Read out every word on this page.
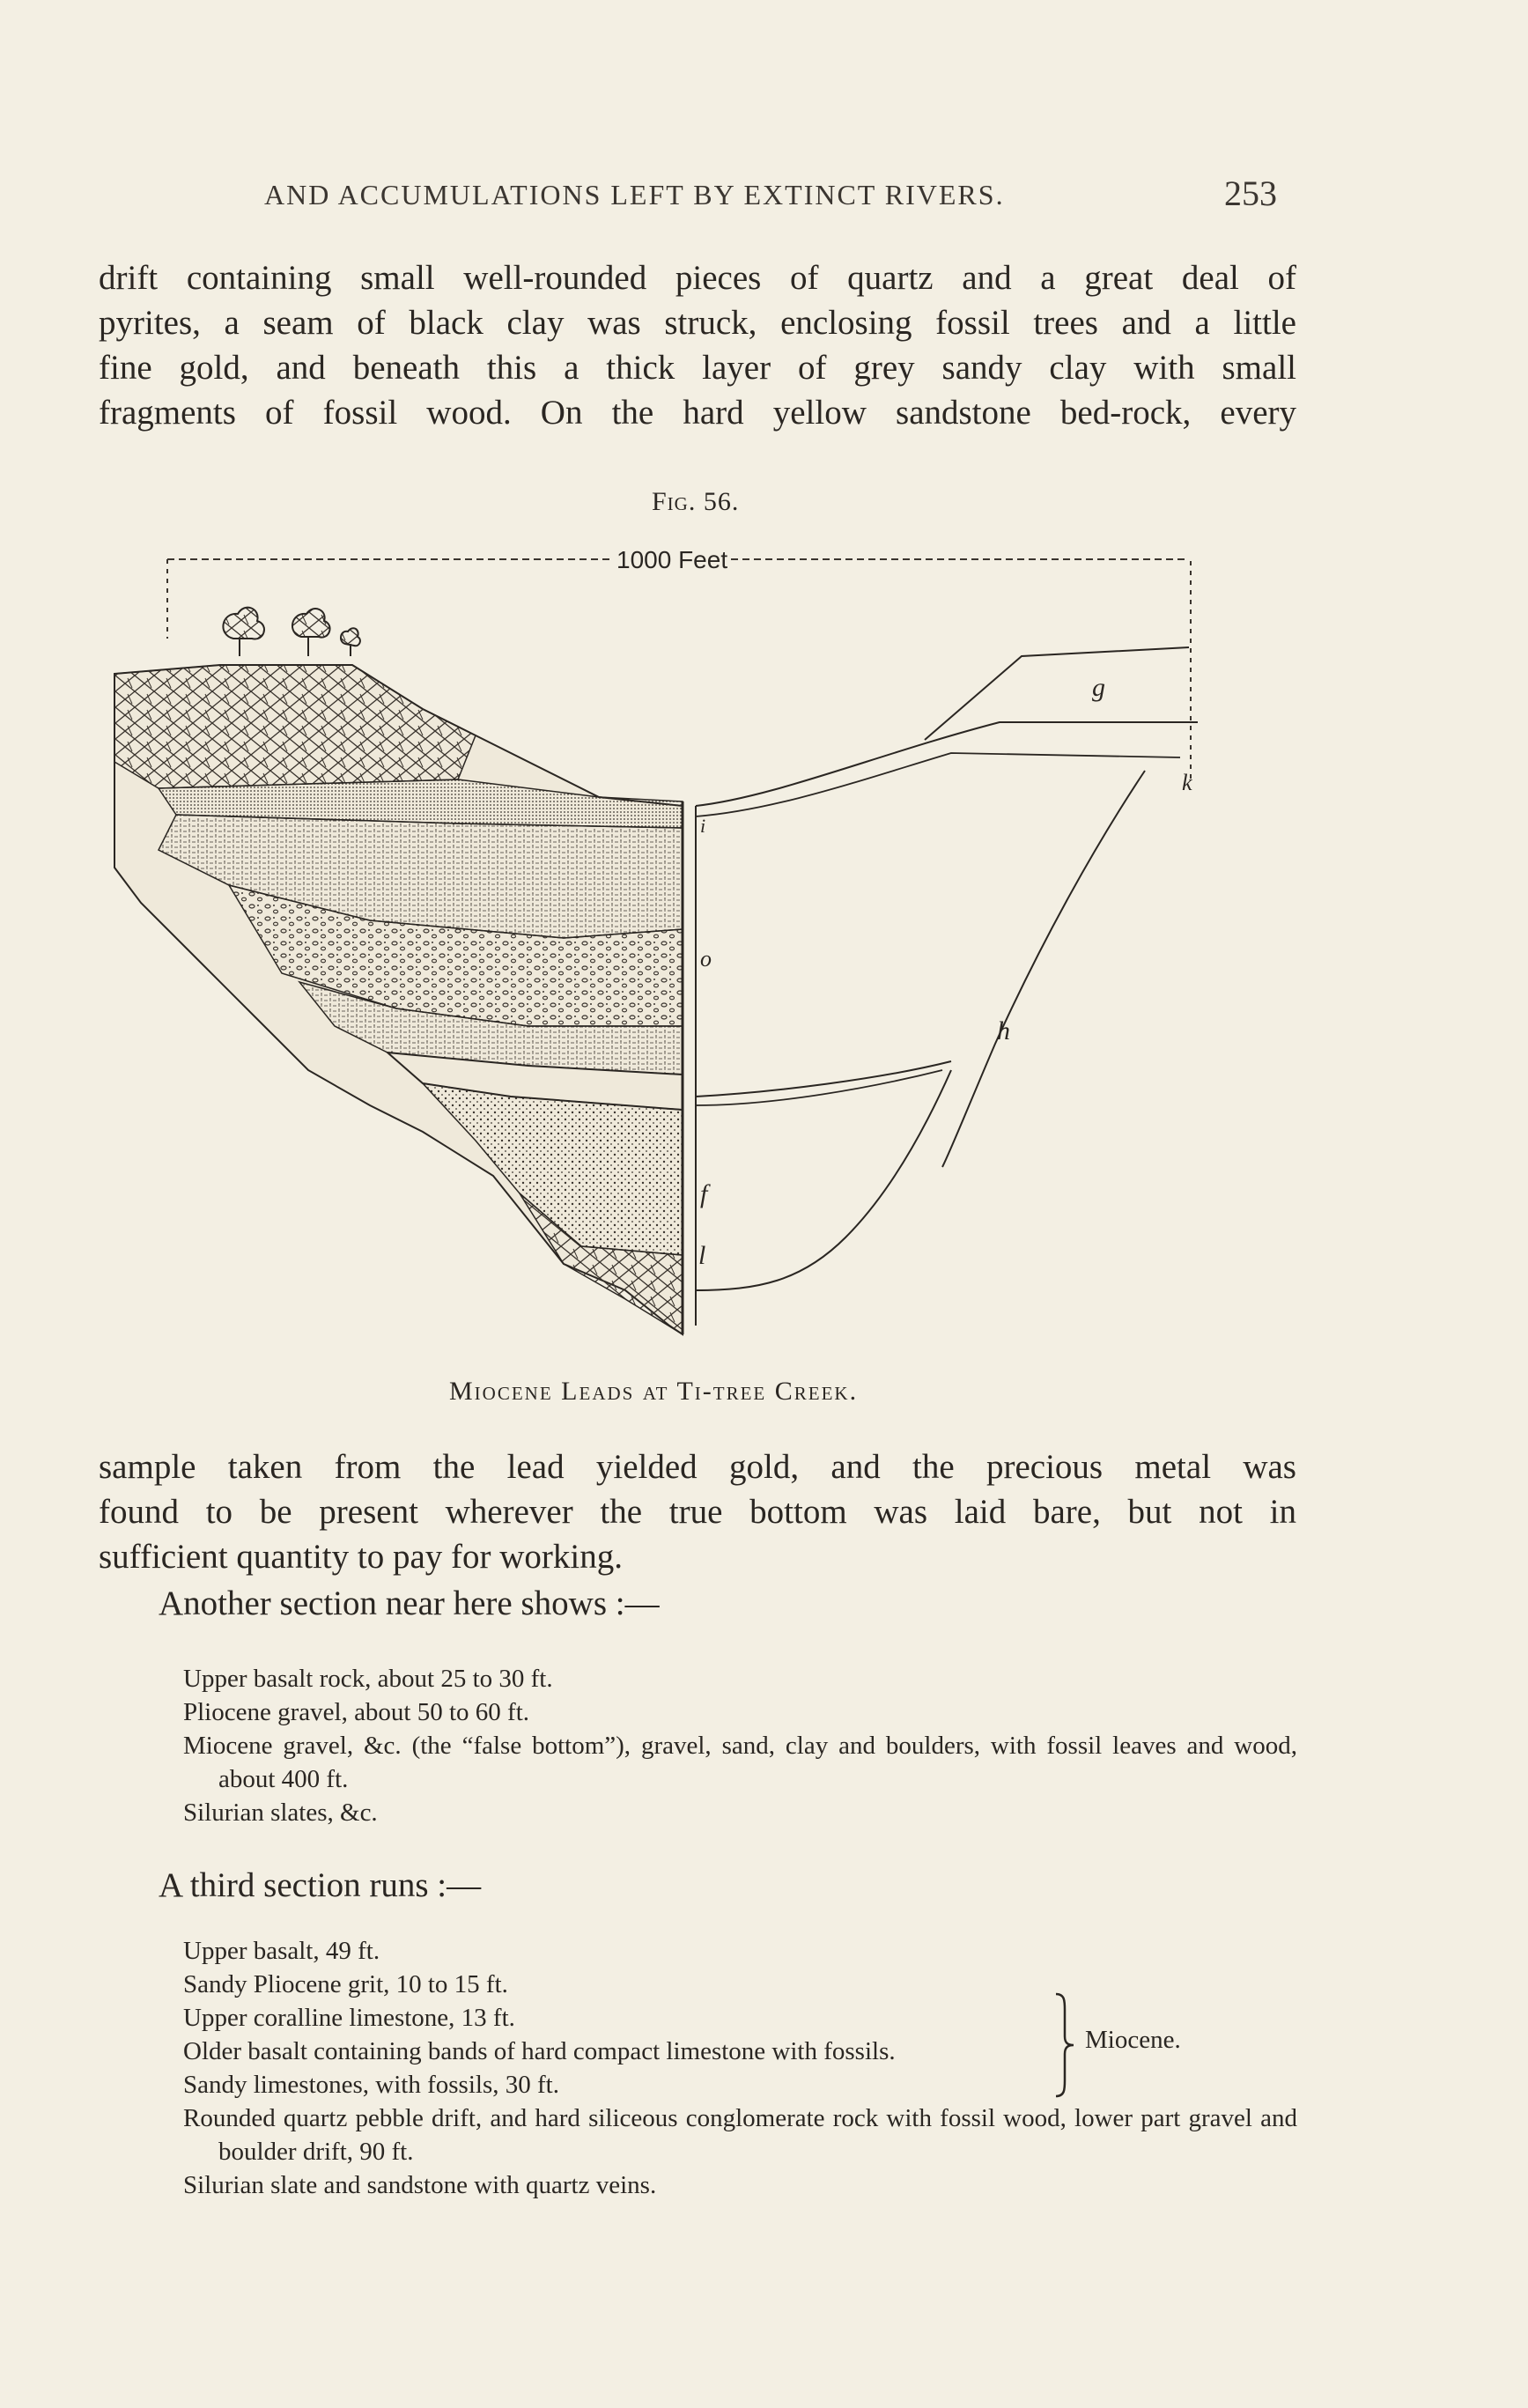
AND ACCUMULATIONS LEFT BY EXTINCT RIVERS.	253
drift containing small well-rounded pieces of quartz and a great deal of
pyrites, a seam of black clay was struck, enclosing fossil trees and a little
fine gold, and beneath this a thick layer of grey sandy clay with small
fragments of fossil wood. On the hard yellow sandstone bed-rock, every
Fig. 56.
1000 Feet
g
h
k
o
f
l
i
Miocene Leads at Ti-tree Creek.
sample taken from the lead yielded gold, and the precious metal was
found to be present wherever the true bottom was laid bare, but not in
sufficient quantity to pay for working.
Another section near here shows :—
Upper basalt rock, about 25 to 30 ft.
Pliocene gravel, about 50 to 60 ft.
Miocene gravel, &c. (the “false bottom”), gravel, sand, clay and boulders, with fossil leaves and wood, about 400 ft.
Silurian slates, &c.
A third section runs :—
Upper basalt, 49 ft.
Sandy Pliocene grit, 10 to 15 ft.
Upper coralline limestone, 13 ft.
Older basalt containing bands of hard compact limestone with fossils.
Sandy limestones, with fossils, 30 ft.
Rounded quartz pebble drift, and hard siliceous conglomerate rock with fossil wood, lower part gravel and boulder drift, 90 ft.
Silurian slate and sandstone with quartz veins.
Miocene.
